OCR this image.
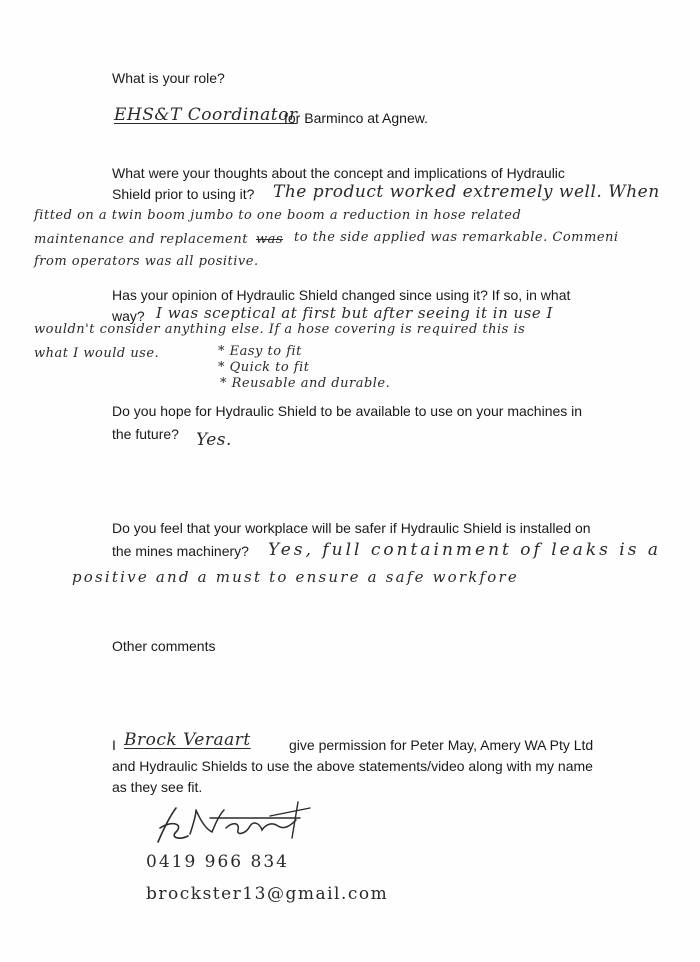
What is your role?
EHS&T Coordinator
for Barminco at Agnew.
What were your thoughts about the concept and implications of Hydraulic
Shield prior to using it? The product worked extremely well. When
fitted on a twin boom jumbo to one boom a reduction in hose related
maintenance and replacement was to the side applied was remarkable. Commeni
from operators was all positive.
Has your opinion of Hydraulic Shield changed since using it? If so, in what
way? I was sceptical at first but after seeing it in use I
wouldn't consider anything else. If a hose covering is required this is
what I would use.	* Easy to fit
* Quick to fit
* Reusable and durable.
Do you hope for Hydraulic Shield to be available to use on your machines in
the future? Yes.
Do you feel that your workplace will be safer if Hydraulic Shield is installed on
the mines machinery? Yes, full containment of leaks is a
positive and a must to ensure a safe workfore
Other comments
I Brock Veraart	give permission for Peter May, Amery WA Pty Ltd
and Hydraulic Shields to use the above statements/video along with my name
as they see fit.
0419 966 834
brockster13@gmail.com
